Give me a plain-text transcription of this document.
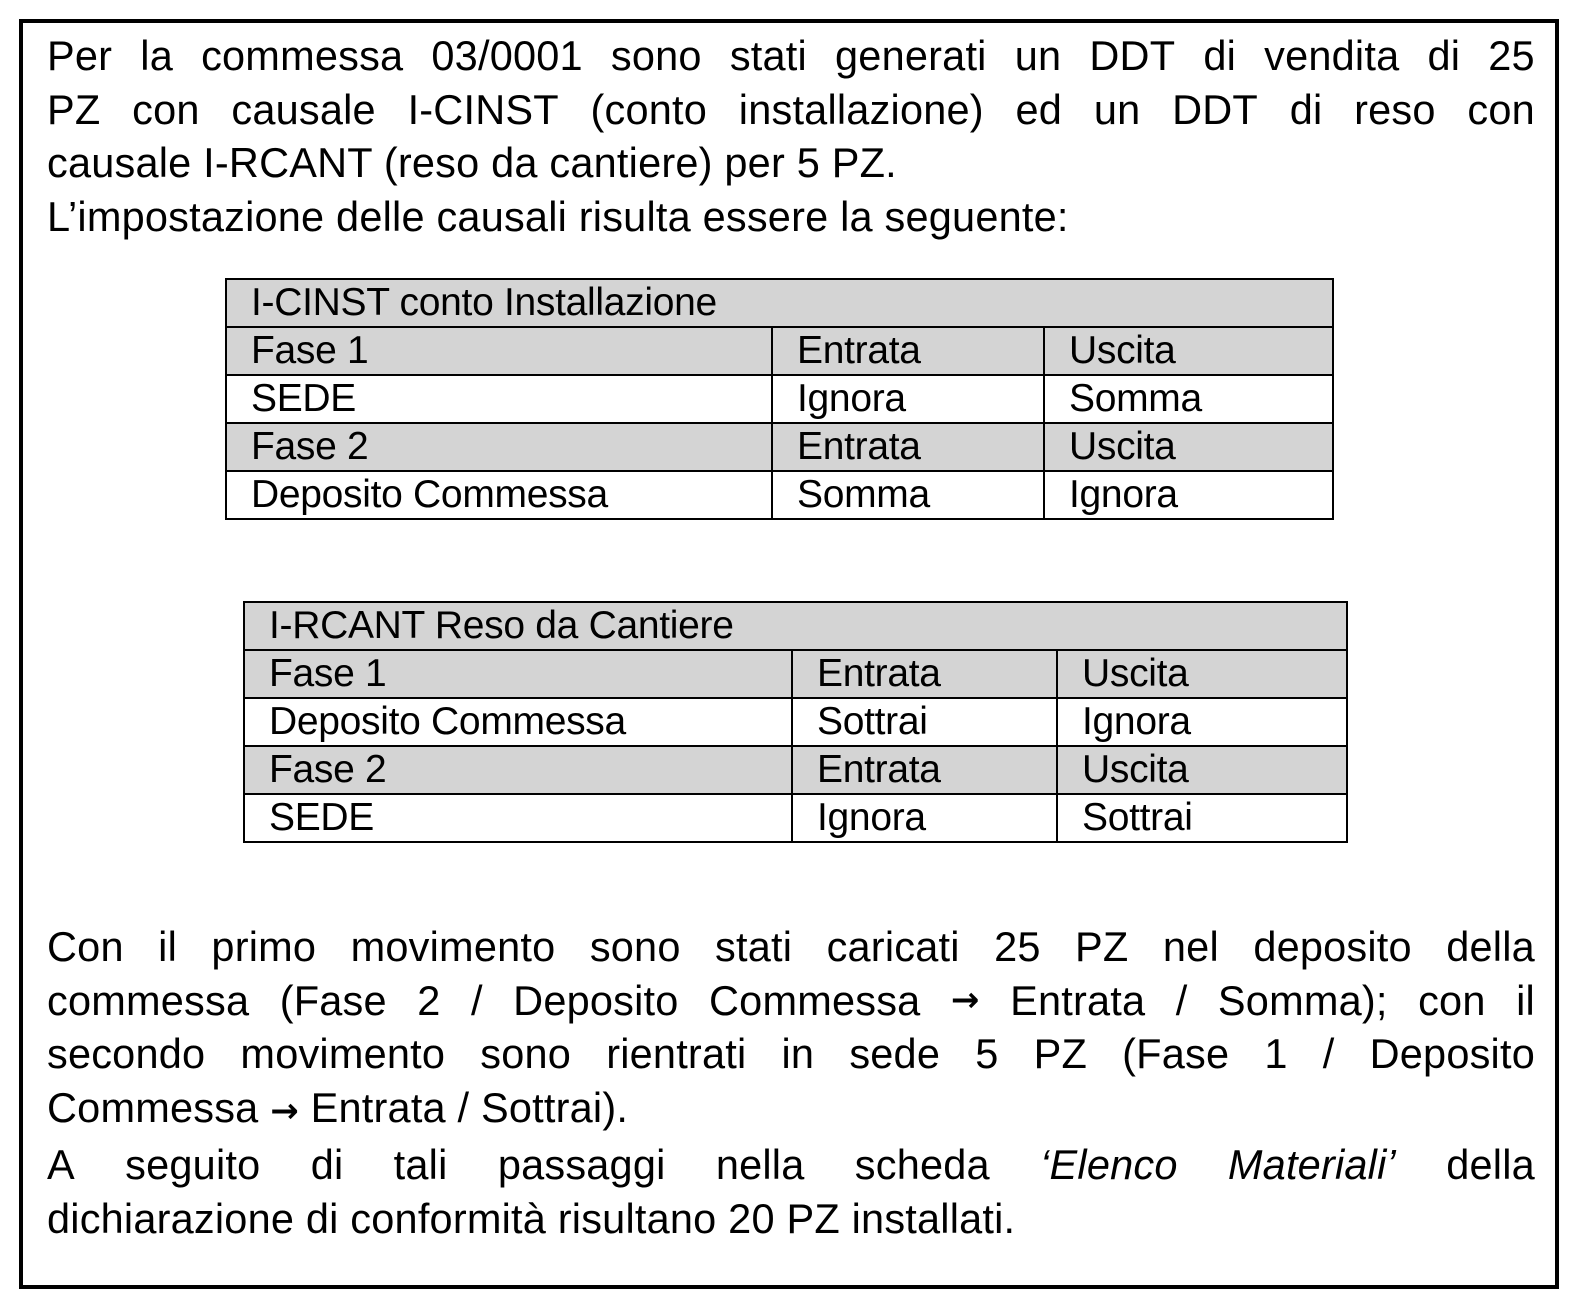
Per la commessa 03/0001 sono stati generati un DDT di vendita di 25
PZ con causale I-CINST (conto installazione) ed un DDT di reso con
causale I-RCANT (reso da cantiere) per 5 PZ.
L’impostazione delle causali risulta essere la seguente:
I-CINST conto Installazione		
Fase 1	Entrata	Uscita
SEDE	Ignora	Somma
Fase 2	Entrata	Uscita
Deposito Commessa	Somma	Ignora
I-RCANT Reso da Cantiere		
Fase 1	Entrata	Uscita
Deposito Commessa	Sottrai	Ignora
Fase 2	Entrata	Uscita
SEDE	Ignora	Sottrai
Con il primo movimento sono stati caricati 25 PZ nel deposito della
commessa (Fase 2 / Deposito Commessa → Entrata / Somma); con il
secondo movimento sono rientrati in sede 5 PZ (Fase 1 / Deposito
Commessa → Entrata / Sottrai).
A seguito di tali passaggi nella scheda ‘Elenco Materiali’ della
dichiarazione di conformità risultano 20 PZ installati.
